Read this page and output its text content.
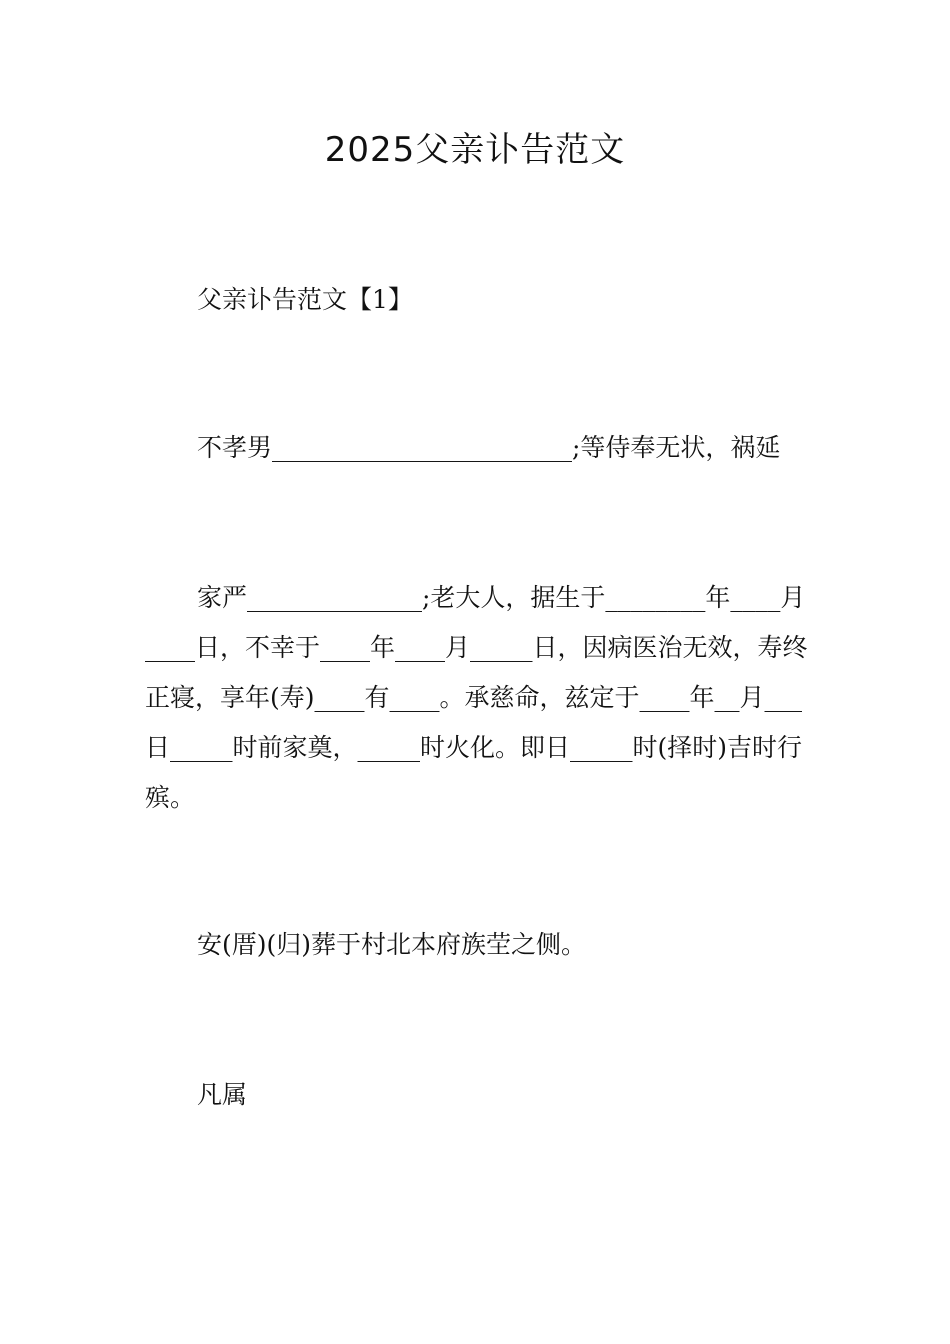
2025父亲讣告范文
父亲讣告范文【1】
不孝男________________________;等侍奉无状，祸延
家严______________;老大人，据生于________年____月____日，不幸于____年____月_____日，因病医治无效，寿终正寝，享年(寿)____有____。承慈命，兹定于____年__月___日_____时前家奠，_____时火化。即日_____时(择时)吉时行殡。
安(厝)(归)葬于村北本府族茔之侧。
凡属
